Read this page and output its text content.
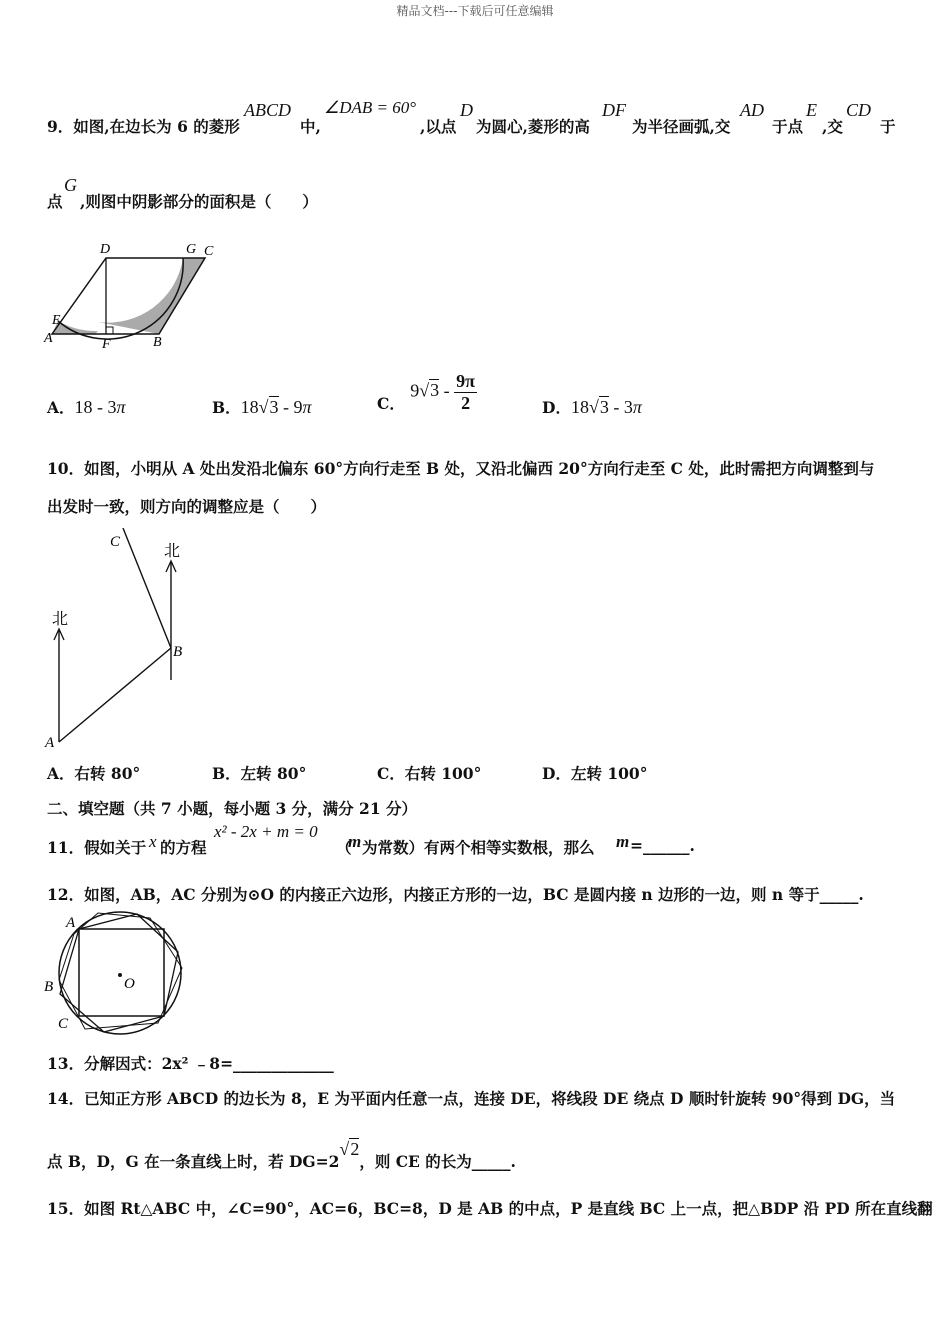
精品文档---下载后可任意编辑
9．如图,在边长为 6 的菱形
ABCD
中,
∠DAB = 60°
,以点
D
为圆心,菱形的高
DF
为半径画弧,交
AD
于点
E
,交
CD
于
点
G
,则图中阴影部分的面积是（　　）
D	G C
E
A	F	B
A．18 - 3π	B．18√3 - 9π	C． $9√3 - \frac{9\pi}{2}$	D．18√3 - 3π
10．如图，小明从 A 处出发沿北偏东 60°方向行走至 B 处，又沿北偏西 20°方向行走至 C 处，此时需把方向调整到与
出发时一致，则方向的调整应是（　　）
北
北
A
B
C
A．右转 80°	B．左转 80°	C．右转 100°	D．左转 100°
二、填空题（共 7 小题，每小题 3 分，满分 21 分）
11．假如关于 x 的方程
x² - 2x + m = 0
（
m 为常数）有两个相等实数根，那么 m =______.
12．如图，AB，AC 分别为⊙O 的内接正六边形，内接正方形的一边，BC 是圆内接 n 边形的一边，则 n 等于_____.
A
B
C
O
13．分解因式：2x² ﹣8=_____________
14．已知正方形 ABCD 的边长为 8，E 为平面内任意一点，连接 DE，将线段 DE 绕点 D 顺时针旋转 90°得到 DG，当
点 B，D，G 在一条直线上时，若 DG=2√2，则 CE 的长为_____.
15．如图 Rt△ABC 中，∠C=90°，AC=6，BC=8，D 是 AB 的中点，P 是直线 BC 上一点，把△BDP 沿 PD 所在直线翻
